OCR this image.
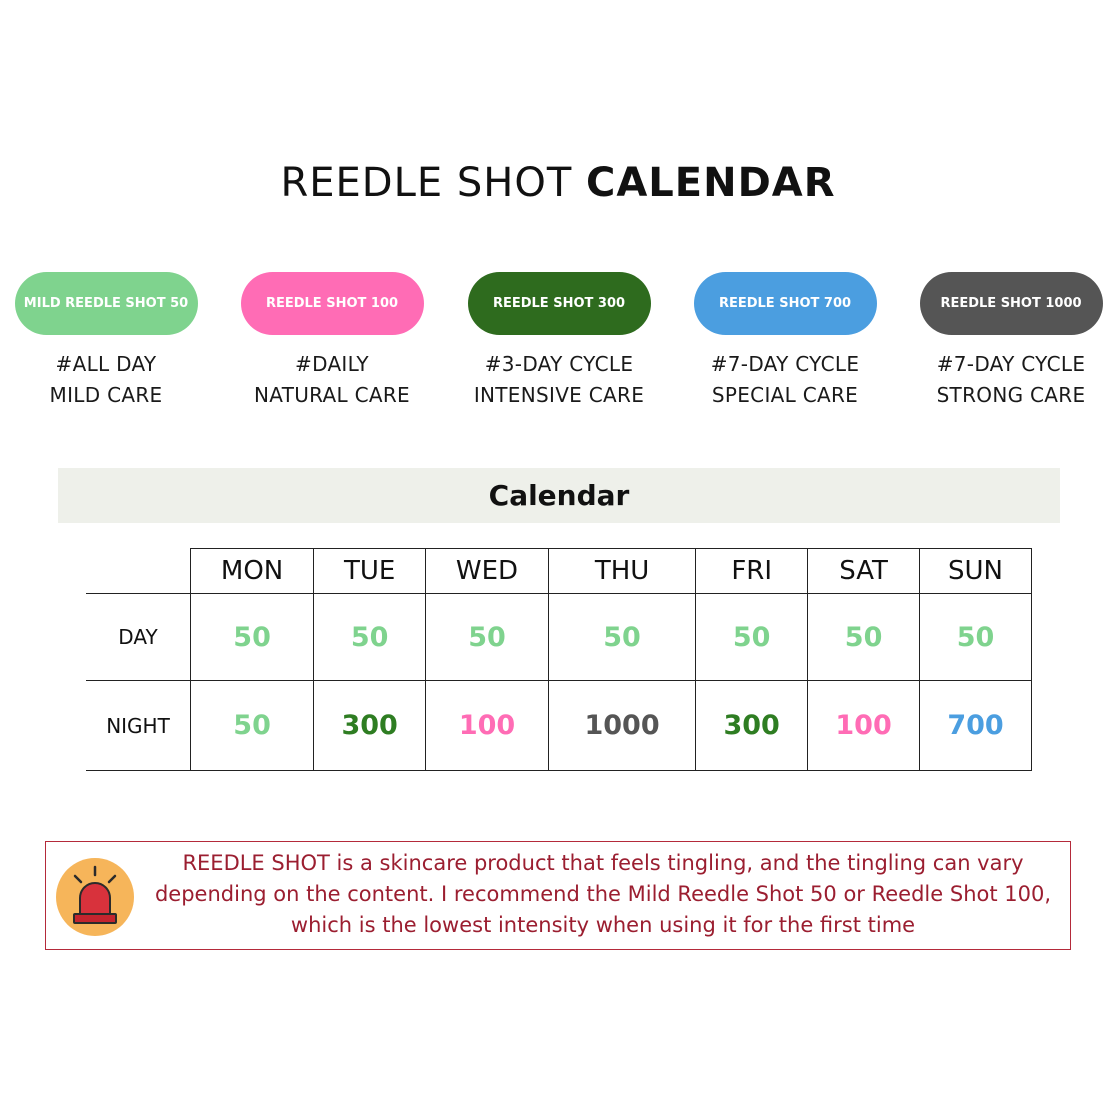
REEDLE SHOT CALENDAR
MILD REEDLE SHOT 50
#ALL DAY
MILD CARE
REEDLE SHOT 100
#DAILY
NATURAL CARE
REEDLE SHOT 300
#3-DAY CYCLE
INTENSIVE CARE
REEDLE SHOT 700
#7-DAY CYCLE
SPECIAL CARE
REEDLE SHOT 1000
#7-DAY CYCLE
STRONG CARE
Calendar
	MON	TUE	WED	THU	FRI	SAT	SUN
DAY	50	50	50	50	50	50	50
NIGHT	50	300	100	1000	300	100	700
REEDLE SHOT is a skincare product that feels tingling, and the tingling can vary
depending on the content. I recommend the Mild Reedle Shot 50 or Reedle Shot 100,
which is the lowest intensity when using it for the first time
